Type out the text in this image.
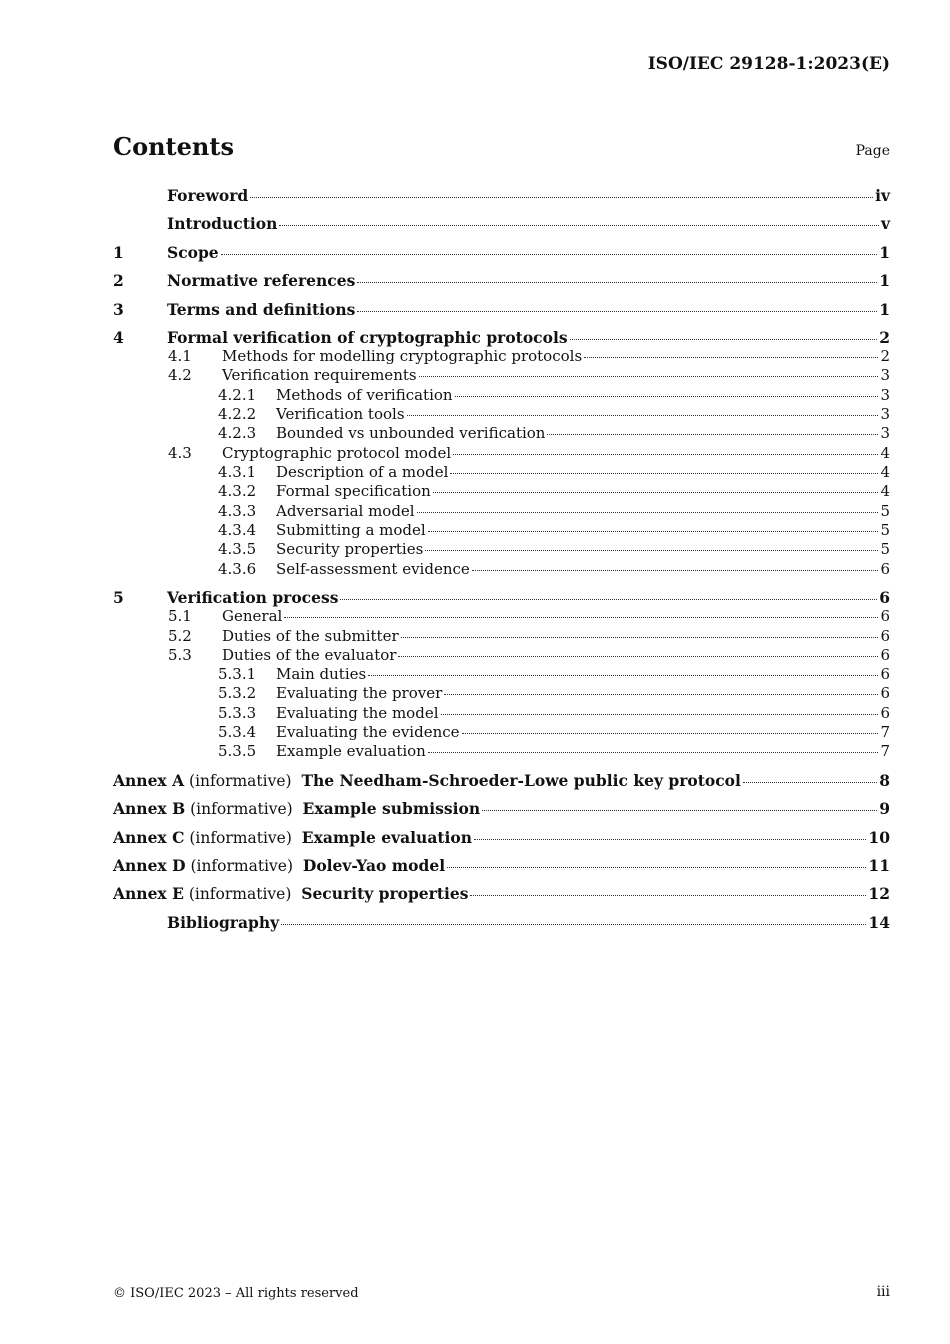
ISO/IEC 29128-1:2023(E)
Contents	Page
Foreword	iv
Introduction	v
1	Scope	1
2	Normative references	1
3	Terms and definitions	1
4	Formal verification of cryptographic protocols	2
4.1	Methods for modelling cryptographic protocols	2
4.2	Verification requirements	3
4.2.1	Methods of verification	3
4.2.2	Verification tools	3
4.2.3	Bounded vs unbounded verification	3
4.3	Cryptographic protocol model	4
4.3.1	Description of a model	4
4.3.2	Formal specification	4
4.3.3	Adversarial model	5
4.3.4	Submitting a model	5
4.3.5	Security properties	5
4.3.6	Self-assessment evidence	6
5	Verification process	6
5.1	General	6
5.2	Duties of the submitter	6
5.3	Duties of the evaluator	6
5.3.1	Main duties	6
5.3.2	Evaluating the prover	6
5.3.3	Evaluating the model	6
5.3.4	Evaluating the evidence	7
5.3.5	Example evaluation	7
Annex A (informative)  The Needham-Schroeder-Lowe public key protocol	8
Annex B (informative)  Example submission	9
Annex C (informative)  Example evaluation	10
Annex D (informative)  Dolev-Yao model	11
Annex E (informative)  Security properties	12
Bibliography	14
© ISO/IEC 2023 – All rights reserved	iii
